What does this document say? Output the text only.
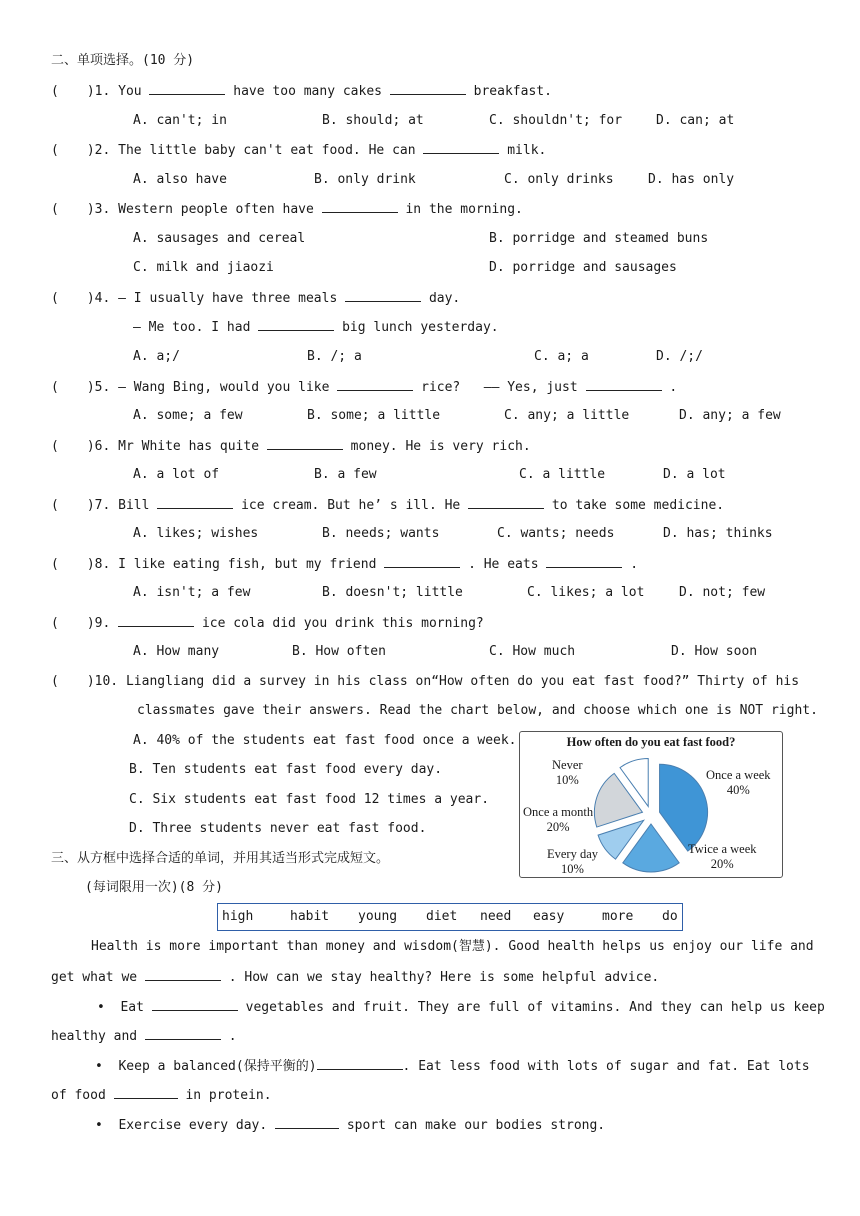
二、单项选择。(10 分)
( )1. You	have too many cakes	breakfast.
A. can't; in	B. should; at	C. shouldn't; for	D. can; at
( )2. The little baby can't eat food. He can	milk.
A. also have	B. only drink	C. only drinks	D. has only
( )3. Western people often have	in the morning.
A. sausages and cereal	B. porridge and steamed buns
C. milk and jiaozi	D. porridge and sausages
( )4. — I usually have three meals	day.
— Me too. I had	big lunch yesterday.
A. a;/	B. /; a	C. a; a	D. /;/
( )5. — Wang Bing, would you like	rice?   —— Yes, just	.
A. some; a few	B. some; a little	C. any; a little	D. any; a few
( )6. Mr White has quite	money. He is very rich.
A. a lot of	B. a few	C. a little	D. a lot
( )7. Bill	ice cream. But he’ s ill. He	to take some medicine.
A. likes; wishes	B. needs; wants	C. wants; needs	D. has; thinks
( )8. I like eating fish, but my friend	. He eats	.
A. isn't; a few	B. doesn't; little	C. likes; a lot	D. not; few
( )9.	ice cola did you drink this morning?
A. How many	B. How often	C. How much	D. How soon
( )10. Liangliang did a survey in his class on“How often do you eat fast food?” Thirty of his
classmates gave their answers. Read the chart below, and choose which one is NOT right.
A. 40% of the students eat fast food once a week.
B. Ten students eat fast food every day.
C. Six students eat fast food 12 times a year.
D. Three students never eat fast food.
How often do you eat fast food?
Once a week
40%
Twice a week
20%
Every day
10%
Once a month
20%
Never
10%
三、从方框中选择合适的单词，并用其适当形式完成短文。
(每词限用一次)(8 分)
high	habit young diet need easy	more do
Health is more important than money and wisdom(智慧). Good health helps us enjoy our life and
get what we	. How can we stay healthy? Here is some helpful advice.
•  Eat	vegetables and fruit. They are full of vitamins. And they can help us keep
healthy and	.
•  Keep a balanced(保持平衡的)	. Eat less food with lots of sugar and fat. Eat lots
of food	in protein.
•  Exercise every day.	sport can make our bodies strong.
